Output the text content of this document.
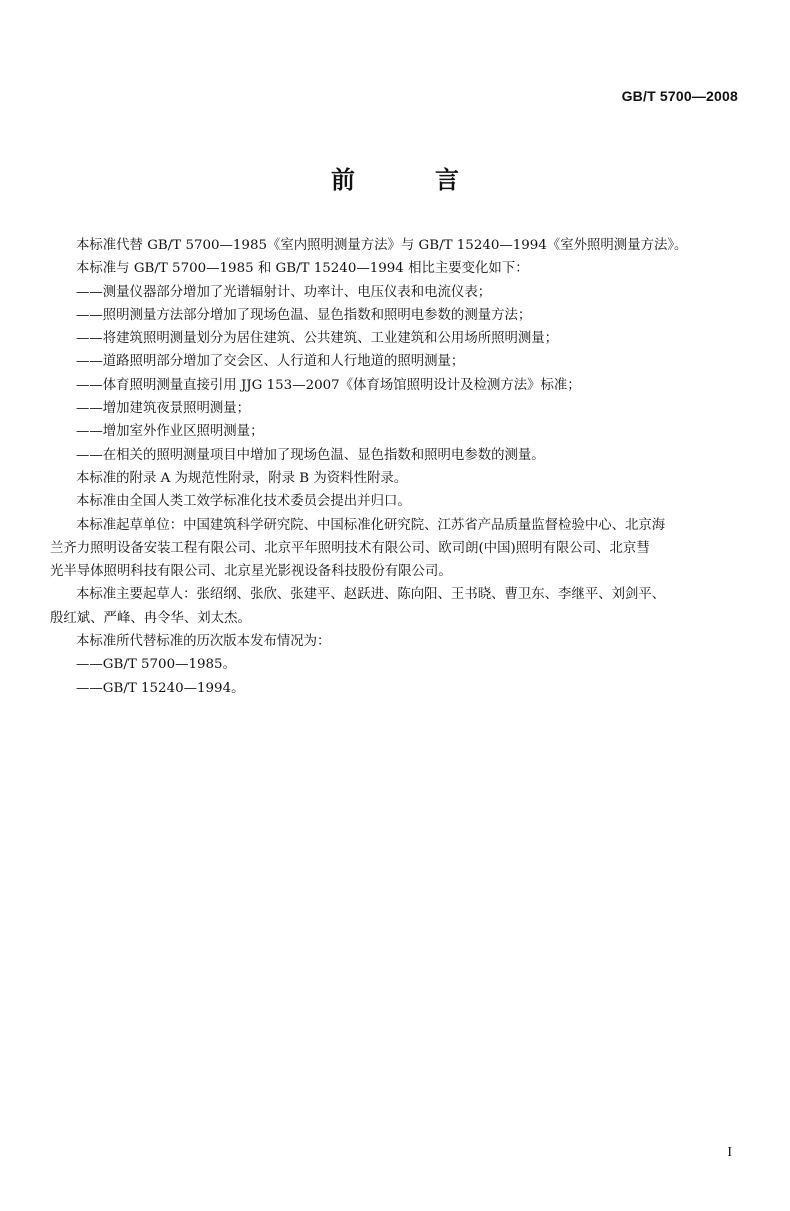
GB/T 5700—2008
前　言

本标准代替 GB/T 5700—1985《室内照明测量方法》与 GB/T 15240—1994《室外照明测量方法》。

本标准与 GB/T 5700—1985 和 GB/T 15240—1994 相比主要变化如下：

——测量仪器部分增加了光谱辐射计、功率计、电压仪表和电流仪表；

——照明测量方法部分增加了现场色温、显色指数和照明电参数的测量方法；

——将建筑照明测量划分为居住建筑、公共建筑、工业建筑和公用场所照明测量；

——道路照明部分增加了交会区、人行道和人行地道的照明测量；

——体育照明测量直接引用 JJG 153—2007《体育场馆照明设计及检测方法》标准；

——增加建筑夜景照明测量；

——增加室外作业区照明测量；

——在相关的照明测量项目中增加了现场色温、显色指数和照明电参数的测量。

本标准的附录 A 为规范性附录，附录 B 为资料性附录。

本标准由全国人类工效学标准化技术委员会提出并归口。

本标准起草单位：中国建筑科学研究院、中国标准化研究院、江苏省产品质量监督检验中心、北京海

兰齐力照明设备安装工程有限公司、北京平年照明技术有限公司、欧司朗(中国)照明有限公司、北京彗

光半导体照明科技有限公司、北京星光影视设备科技股份有限公司。

本标准主要起草人：张绍纲、张欣、张建平、赵跃进、陈向阳、王书晓、曹卫东、李继平、刘剑平、

殷红斌、严峰、冉令华、刘太杰。

本标准所代替标准的历次版本发布情况为：

——GB/T 5700—1985。

——GB/T 15240—1994。

I
